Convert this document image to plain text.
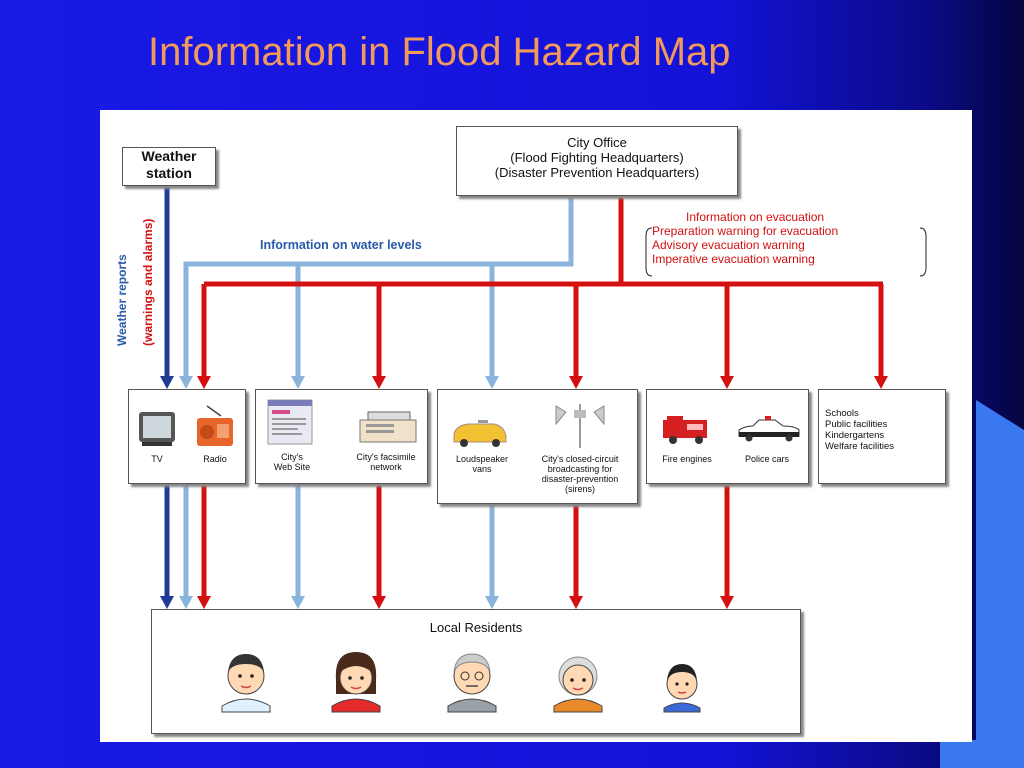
Information in Flood Hazard Map
Weather station
Weather reports (warnings and alarms)
City Office
(Flood Fighting Headquarters)
(Disaster Prevention Headquarters)
Information on water levels
Information on evacuation
Preparation warning for evacuation
Advisory evacuation warning
Imperative evacuation warning
TV	Radio	City's
Web Site
City's facsimile
network
Loudspeaker
vans
City's closed-circuit
broadcasting for
disaster-prevention
(sirens)
Fire engines	Police cars
Schools
Public facilities
Kindergartens
Welfare facilities
Local Residents
